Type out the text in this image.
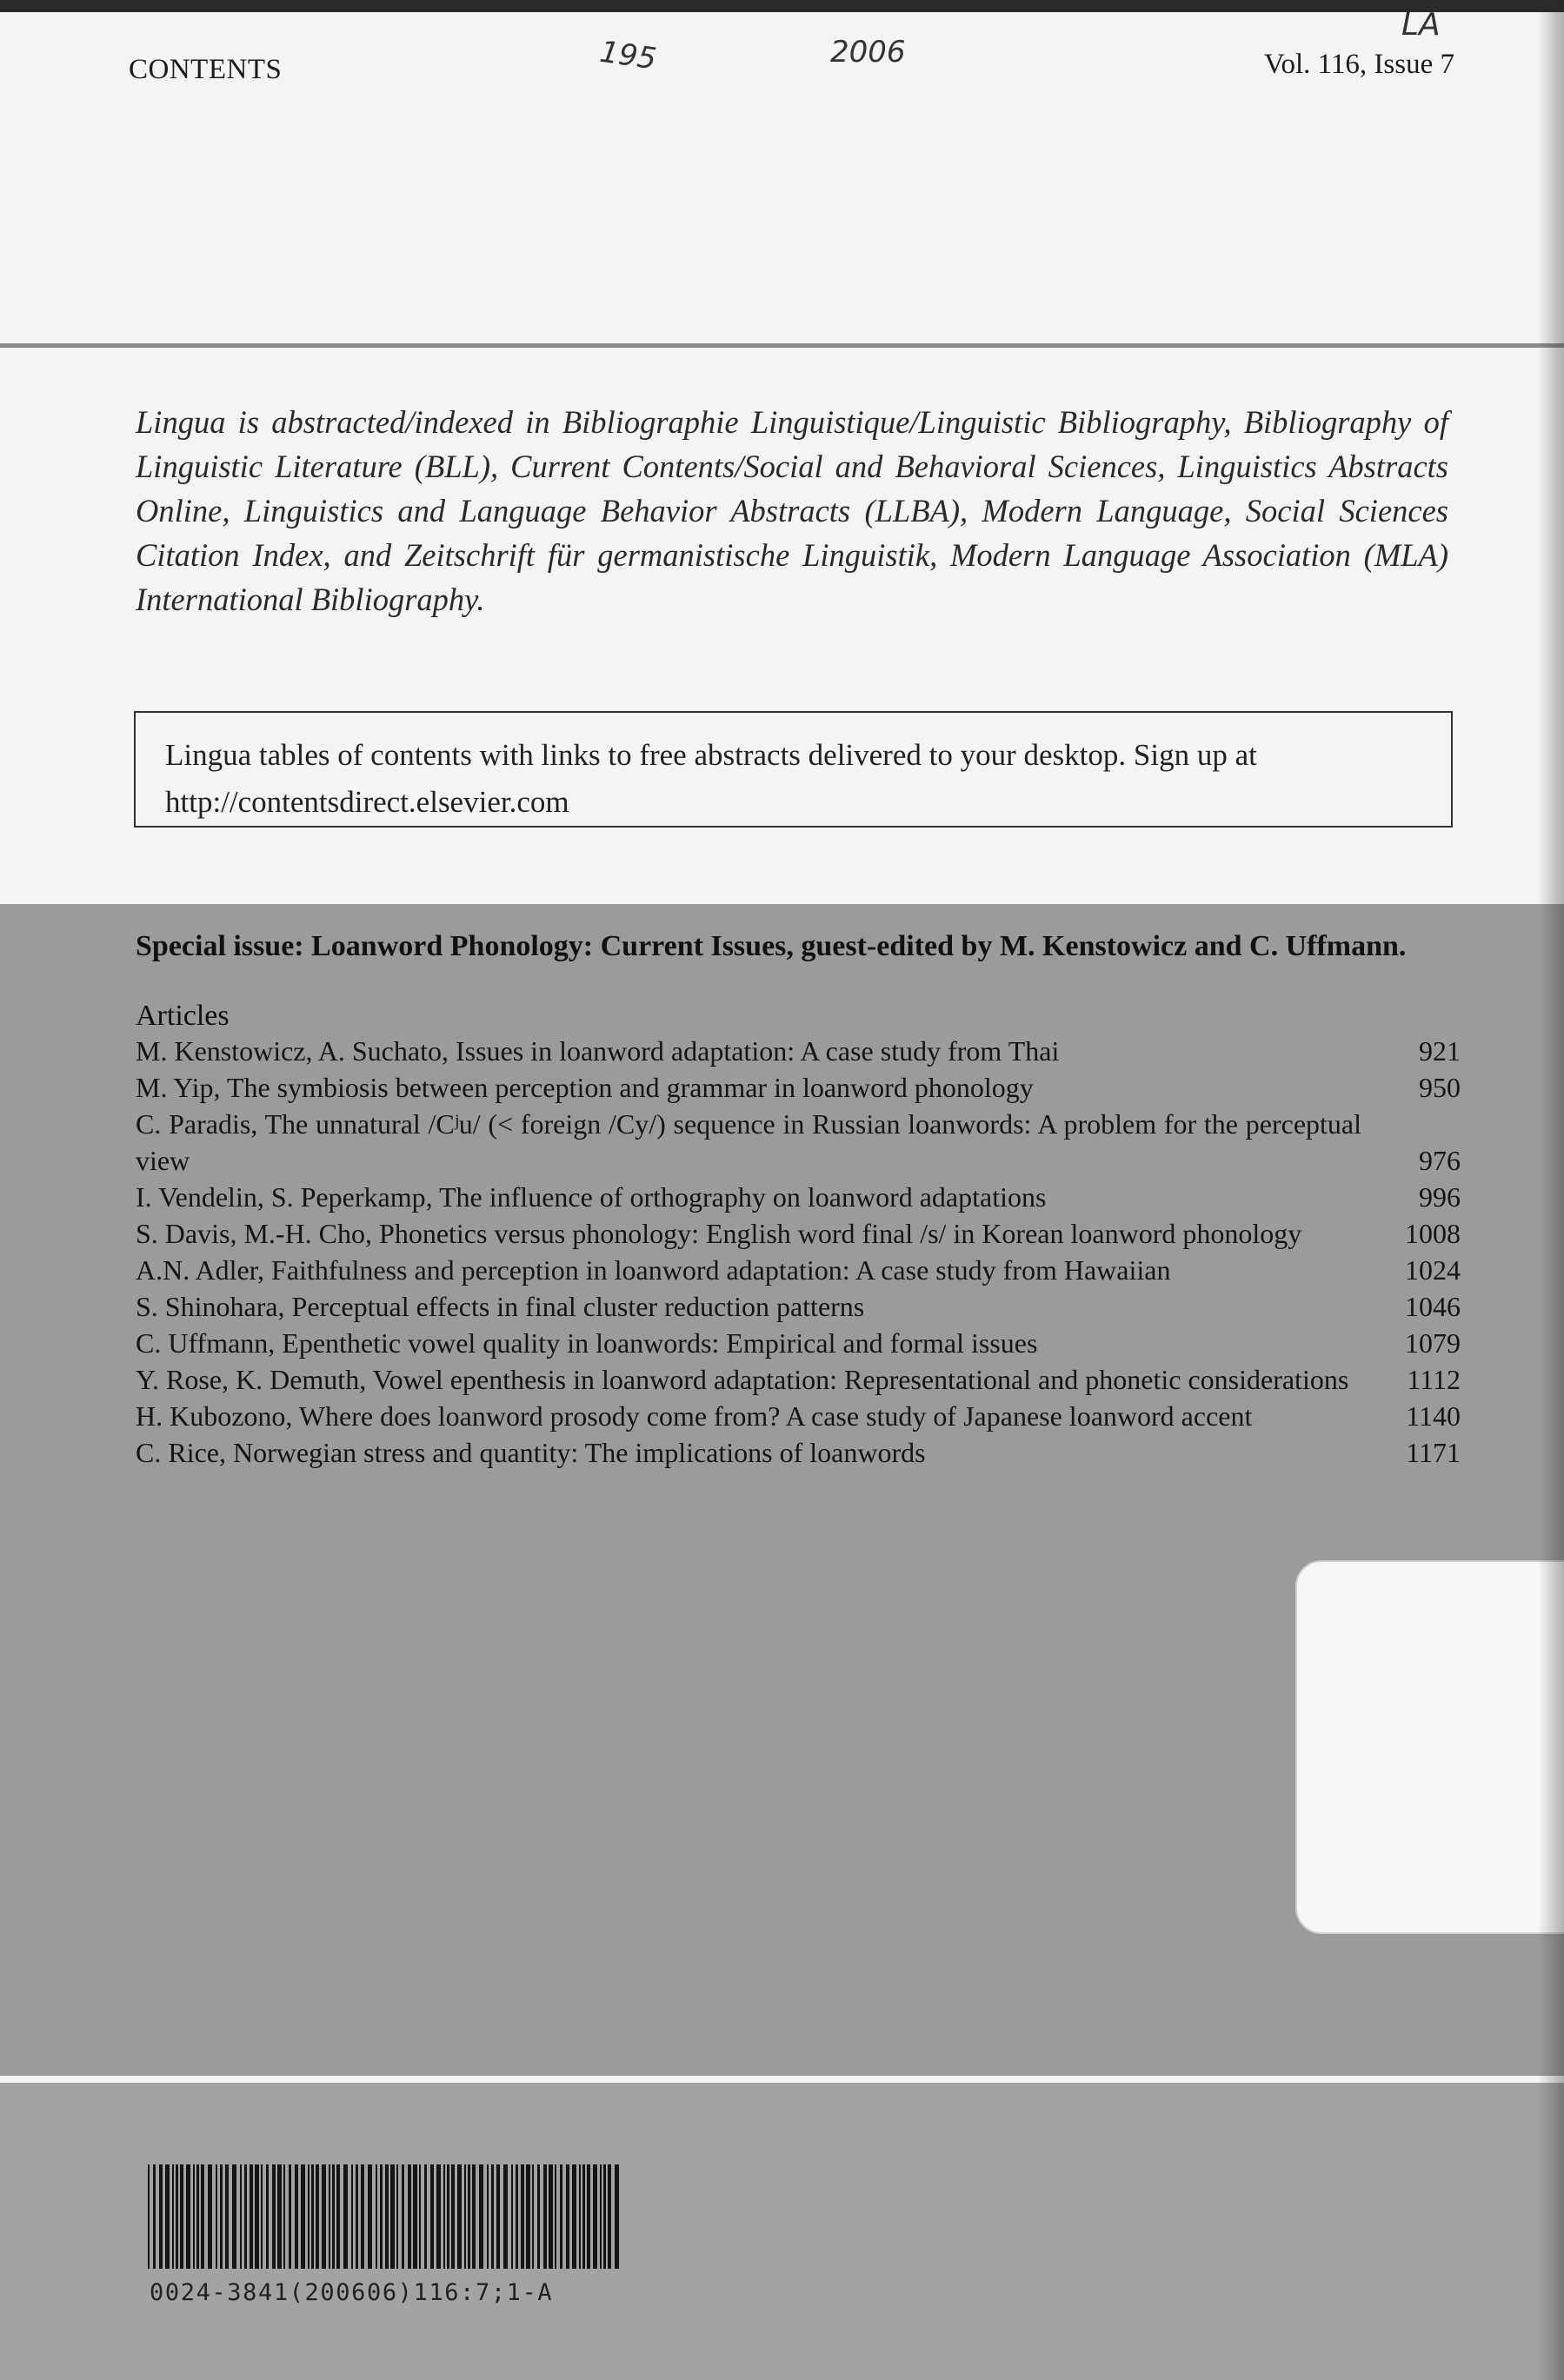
CONTENTS	195	2006
LA
Vol. 116, Issue 7
Lingua is abstracted/indexed in Bibliographie Linguistique/Linguistic Bibliography, Bibliography of Linguistic Literature (BLL), Current Contents/Social and Behavioral Sciences, Linguistics Abstracts Online, Linguistics and Language Behavior Abstracts (LLBA), Modern Language, Social Sciences Citation Index, and Zeitschrift für germanistische Linguistik, Modern Language Association (MLA) International Bibliography.
Lingua tables of contents with links to free abstracts delivered to your desktop. Sign up at
http://contentsdirect.elsevier.com
Special issue: Loanword Phonology: Current Issues, guest-edited by M. Kenstowicz and C. Uffmann.
Articles
M. Kenstowicz, A. Suchato, Issues in loanword adaptation: A case study from Thai	921
M. Yip, The symbiosis between perception and grammar in loanword phonology	950
C. Paradis, The unnatural /Cʲu/ (< foreign /Cy/) sequence in Russian loanwords: A problem for the perceptual view	976
I. Vendelin, S. Peperkamp, The influence of orthography on loanword adaptations	996
S. Davis, M.-H. Cho, Phonetics versus phonology: English word final /s/ in Korean loanword phonology	1008
A.N. Adler, Faithfulness and perception in loanword adaptation: A case study from Hawaiian	1024
S. Shinohara, Perceptual effects in final cluster reduction patterns	1046
C. Uffmann, Epenthetic vowel quality in loanwords: Empirical and formal issues	1079
Y. Rose, K. Demuth, Vowel epenthesis in loanword adaptation: Representational and phonetic considerations	1112
H. Kubozono, Where does loanword prosody come from? A case study of Japanese loanword accent	1140
C. Rice, Norwegian stress and quantity: The implications of loanwords	1171
0024-3841(200606)116:7;1-A
